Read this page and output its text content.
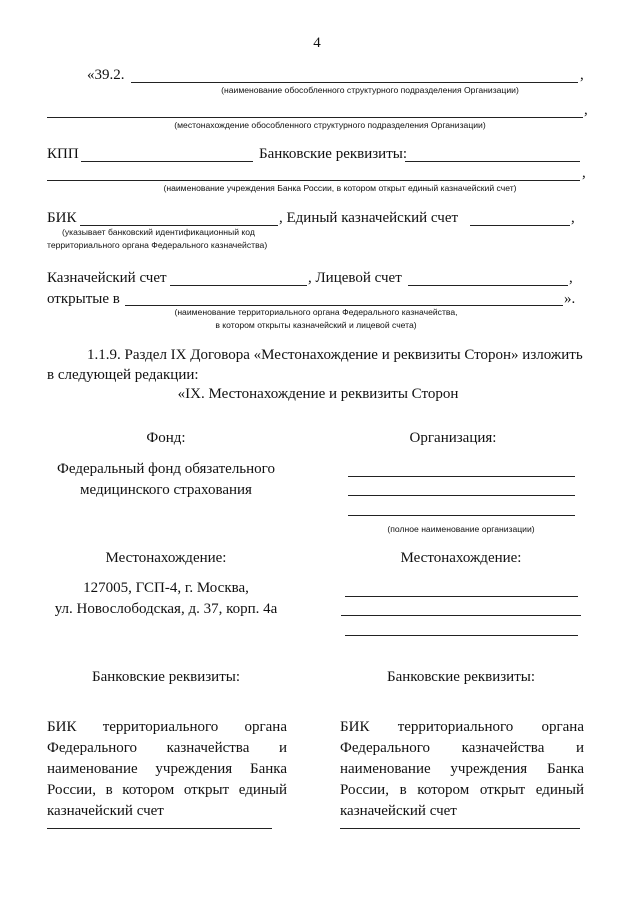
4
«39.2.	,
(наименование обособленного структурного подразделения Организации)
,
(местонахождение обособленного структурного подразделения Организации)
КПП	Банковские реквизиты:
,
(наименование учреждения Банка России, в котором открыт единый казначейский счет)
БИК	, Единый казначейский счет	,
(указывает банковский идентификационный код
территориального органа Федерального казначейства)
Казначейский счет	, Лицевой счет	,
открытые в	».
(наименование территориального органа Федерального казначейства,
в котором открыты казначейский и лицевой счета)
1.1.9. Раздел IX Договора «Местонахождение и реквизиты Сторон» изложить
в следующей редакции:
«IX. Местонахождение и реквизиты Сторон
Фонд:	Организация:
Федеральный фонд обязательного
медицинского страхования
(полное наименование организации)
Местонахождение:	Местонахождение:
127005, ГСП-4, г. Москва,
ул. Новослободская, д. 37, корп. 4а
Банковские реквизиты:	Банковские реквизиты:
БИК территориального органа Федерального казначейства и наименование учреждения Банка России, в котором открыт единый казначейский счет
БИК территориального органа Федерального казначейства и наименование учреждения Банка России, в котором открыт единый казначейский счет
